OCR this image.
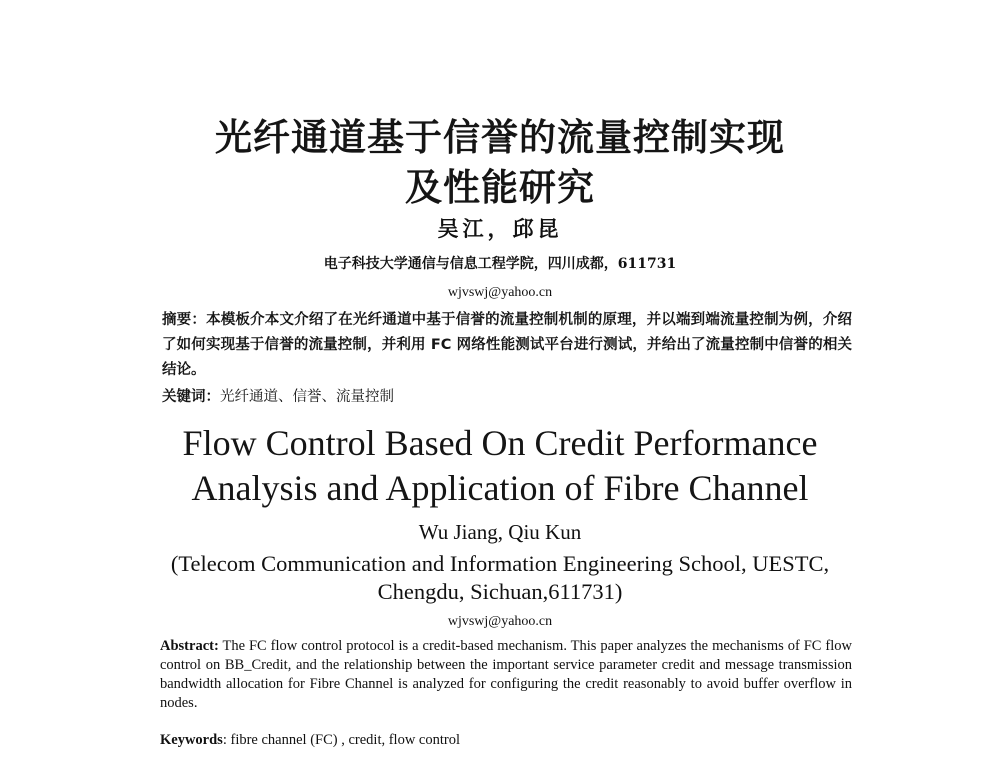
光纤通道基于信誉的流量控制实现
及性能研究
吴江，邱昆
电子科技大学通信与信息工程学院，四川成都，611731
wjvswj@yahoo.cn
摘要：本模板介本文介绍了在光纤通道中基于信誉的流量控制机制的原理，并以端到端流量控制为例，介绍了如何实现基于信誉的流量控制，并利用 FC 网络性能测试平台进行测试，并给出了流量控制中信誉的相关结论。
关键词：光纤通道、信誉、流量控制
Flow Control Based On Credit Performance
Analysis and Application of Fibre Channel
Wu Jiang, Qiu Kun
(Telecom Communication and Information Engineering School, UESTC,
Chengdu, Sichuan,611731)
wjvswj@yahoo.cn
Abstract: The FC flow control protocol is a credit-based mechanism. This paper analyzes the mechanisms of FC flow control on BB_Credit, and the relationship between the important service parameter credit and message transmission bandwidth allocation for Fibre Channel is analyzed for configuring the credit reasonably to avoid buffer overflow in nodes.
Keywords: fibre channel (FC) , credit, flow control
